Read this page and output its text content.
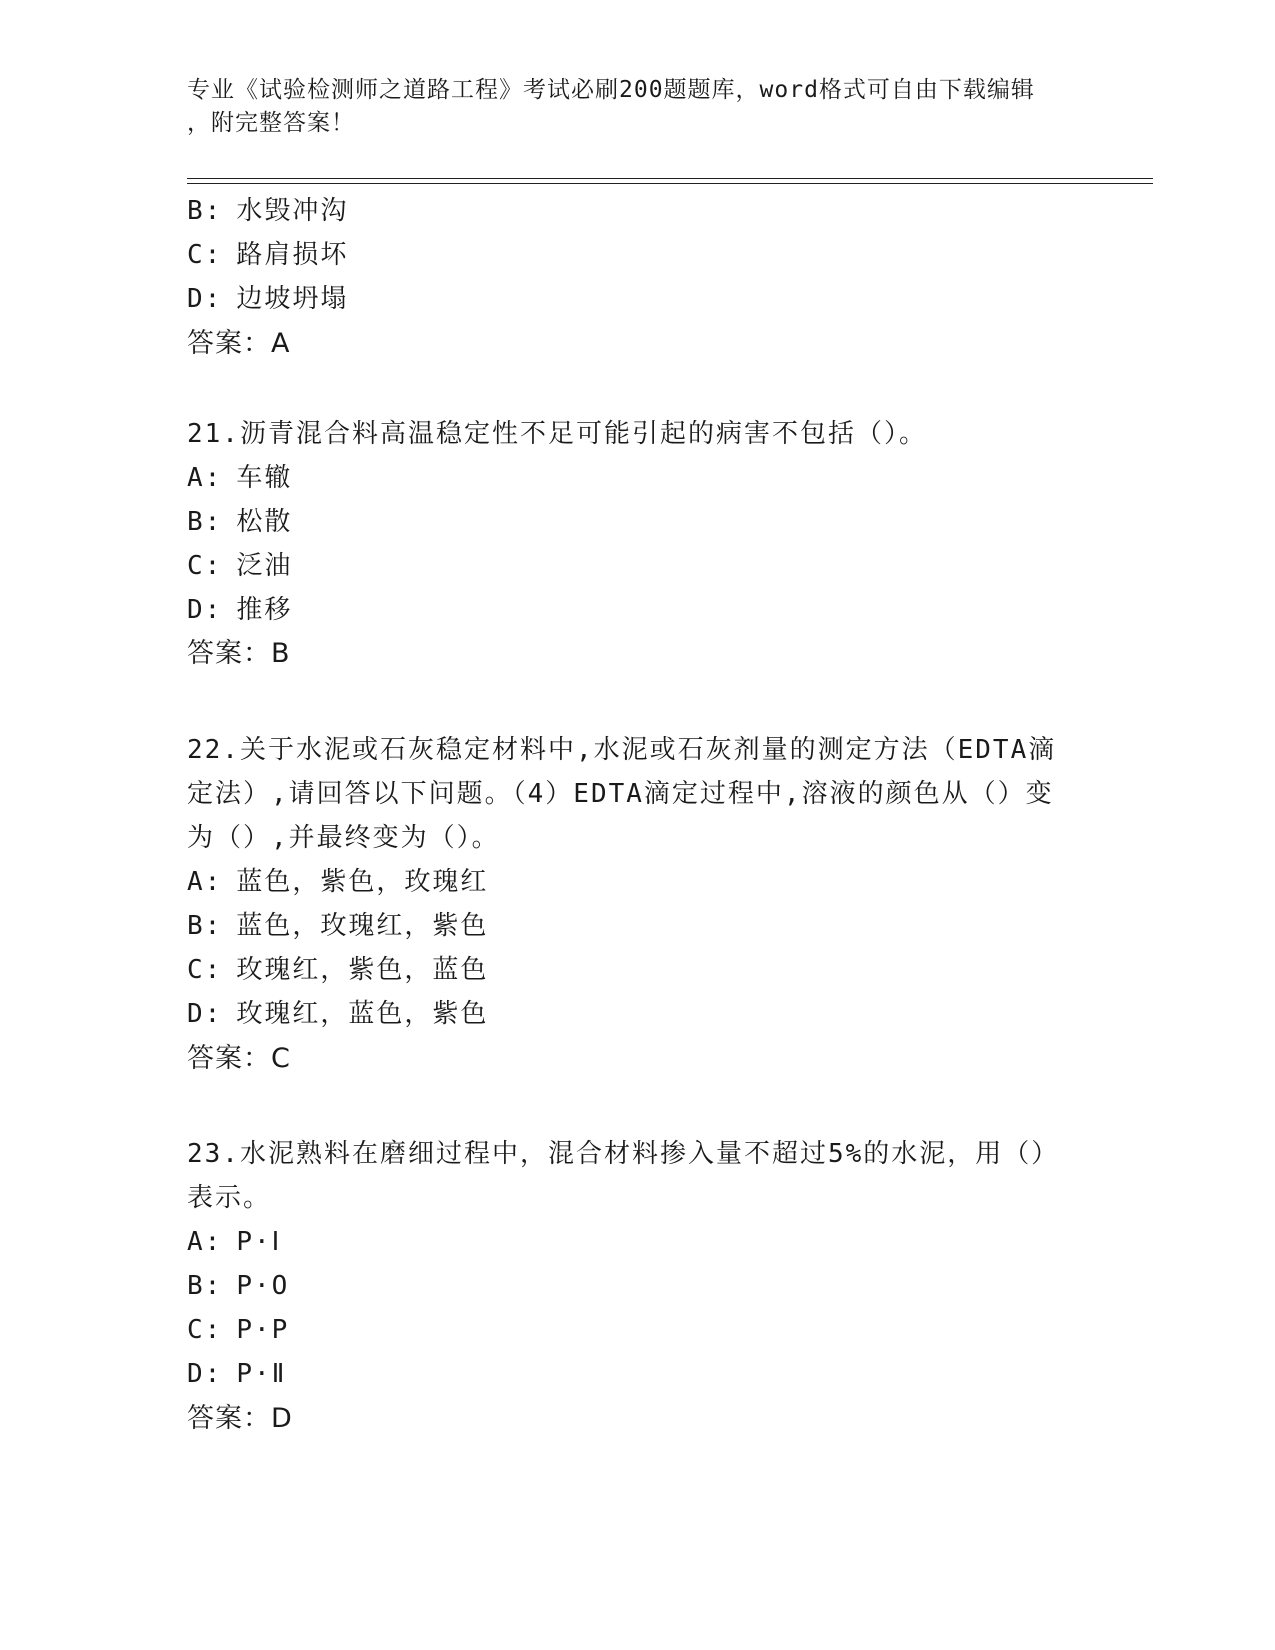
专业《试验检测师之道路工程》考试必刷200题题库，word格式可自由下载编辑
，附完整答案！
B: 水毁冲沟
C: 路肩损坏
D: 边坡坍塌
答案：A
21.沥青混合料高温稳定性不足可能引起的病害不包括（）。
A: 车辙
B: 松散
C: 泛油
D: 推移
答案：B
22.关于水泥或石灰稳定材料中,水泥或石灰剂量的测定方法（EDTA滴
定法）,请回答以下问题。（4）EDTA滴定过程中,溶液的颜色从（）变
为（）,并最终变为（）。
A: 蓝色，紫色，玫瑰红
B: 蓝色，玫瑰红，紫色
C: 玫瑰红，紫色，蓝色
D: 玫瑰红，蓝色，紫色
答案：C
23.水泥熟料在磨细过程中，混合材料掺入量不超过5%的水泥，用（）
表示。
A: P·Ⅰ
B: P·O
C: P·P
D: P·Ⅱ
答案：D
